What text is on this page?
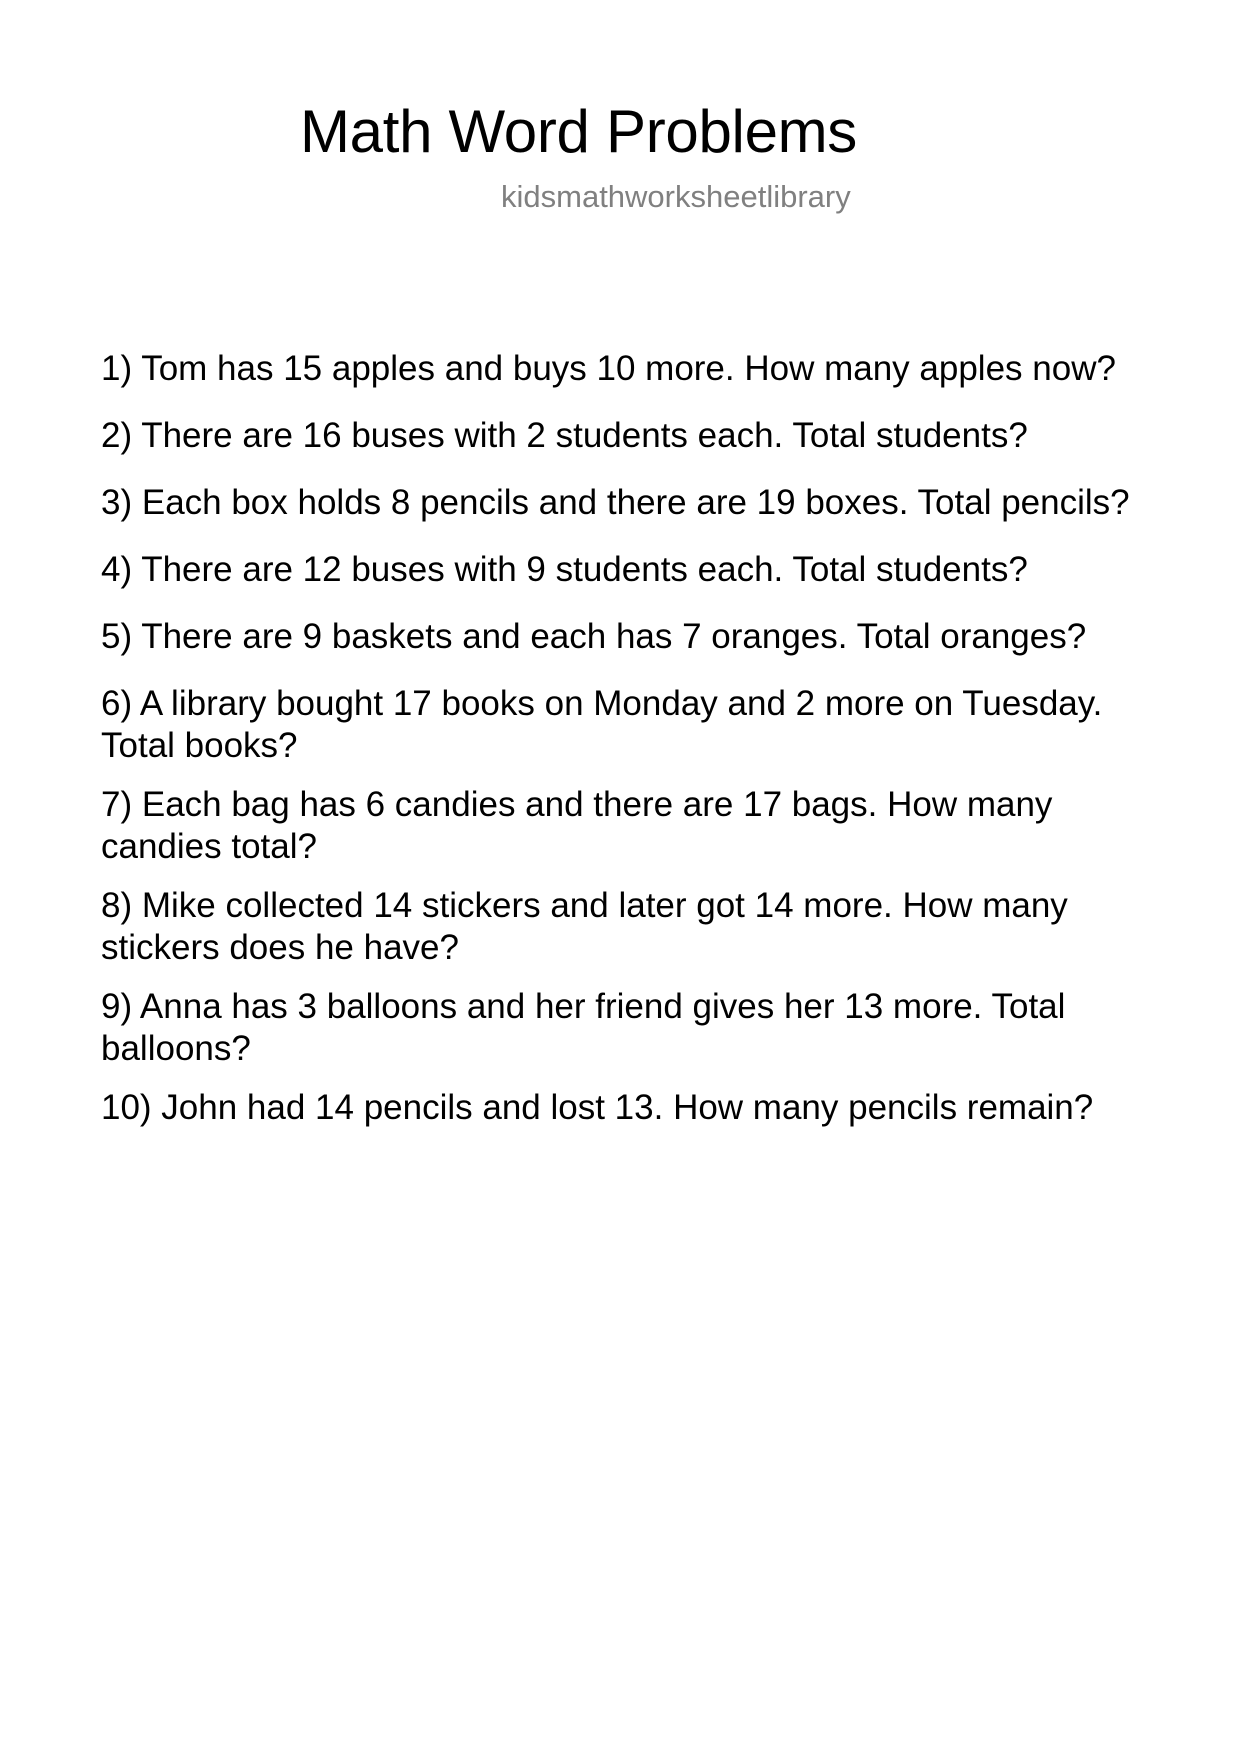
Math Word Problems
kidsmathworksheetlibrary
1) Tom has 15 apples and buys 10 more. How many apples now?
2) There are 16 buses with 2 students each. Total students?
3) Each box holds 8 pencils and there are 19 boxes. Total pencils?
4) There are 12 buses with 9 students each. Total students?
5) There are 9 baskets and each has 7 oranges. Total oranges?
6) A library bought 17 books on Monday and 2 more on Tuesday. Total books?
7) Each bag has 6 candies and there are 17 bags. How many candies total?
8) Mike collected 14 stickers and later got 14 more. How many stickers does he have?
9) Anna has 3 balloons and her friend gives her 13 more. Total balloons?
10) John had 14 pencils and lost 13. How many pencils remain?
